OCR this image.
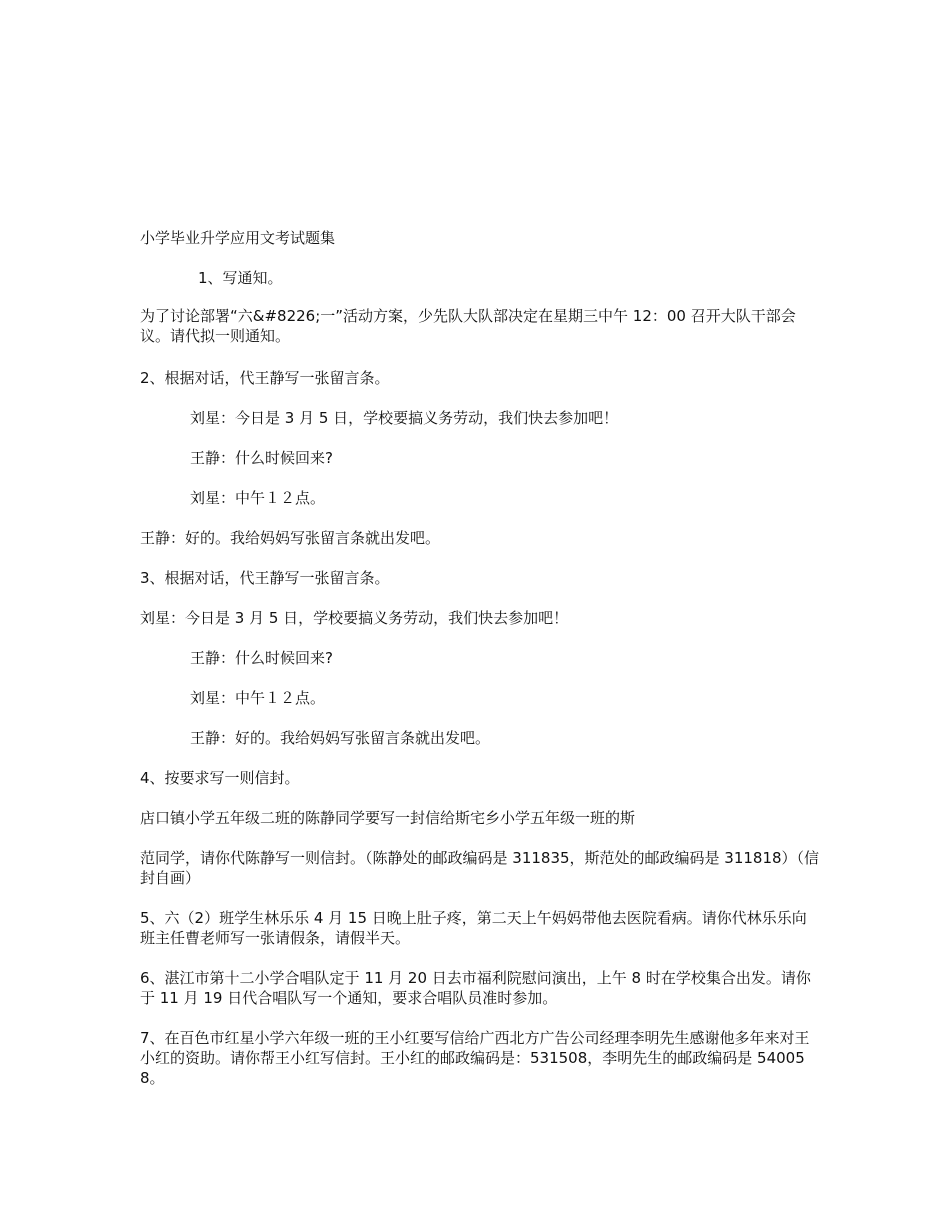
小学毕业升学应用文考试题集
1、写通知。
为了讨论部署“六&#8226;一”活动方案，少先队大队部决定在星期三中午 12：00 召开大队干部会议。请代拟一则通知。
2、根据对话，代王静写一张留言条。
刘星：今日是 3 月 5 日，学校要搞义务劳动，我们快去参加吧！
王静：什么时候回来?
刘星：中午１２点。
王静：好的。我给妈妈写张留言条就出发吧。
3、根据对话，代王静写一张留言条。
刘星：今日是 3 月 5 日，学校要搞义务劳动，我们快去参加吧！
王静：什么时候回来?
刘星：中午１２点。
王静：好的。我给妈妈写张留言条就出发吧。
4、按要求写一则信封。
店口镇小学五年级二班的陈静同学要写一封信给斯宅乡小学五年级一班的斯
范同学，请你代陈静写一则信封。（陈静处的邮政编码是 311835，斯范处的邮政编码是 311818）（信封自画）
5、六（2）班学生林乐乐 4 月 15 日晚上肚子疼，第二天上午妈妈带他去医院看病。请你代林乐乐向班主任曹老师写一张请假条，请假半天。
6、湛江市第十二小学合唱队定于 11 月 20 日去市福利院慰问演出，上午 8 时在学校集合出发。请你于 11 月 19 日代合唱队写一个通知，要求合唱队员准时参加。
7、在百色市红星小学六年级一班的王小红要写信给广西北方广告公司经理李明先生感谢他多年来对王小红的资助。请你帮王小红写信封。王小红的邮政编码是：531508，李明先生的邮政编码是 540058。
